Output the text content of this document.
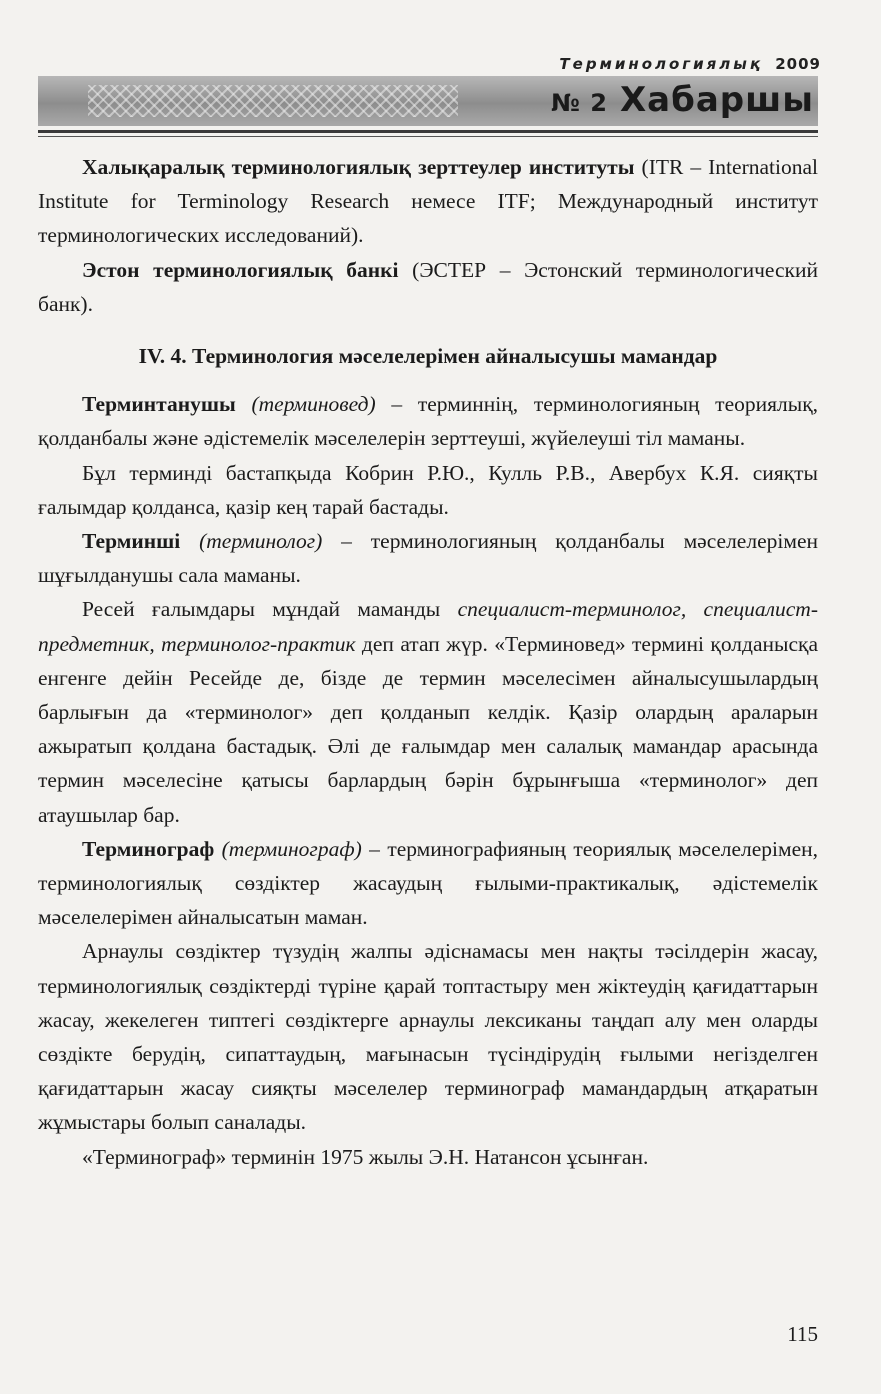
Терминологиялық 2009
№ 2 Хабаршы

Халықаралық терминологиялық зерттеулер институты (ITR – International Institute for Terminology Research немесе ITF; Международный институт терминологических исследований).

Эстон терминологиялық банкі (ЭСТЕР – Эстонский терминологический банк).

IV. 4. Терминология мәселелерімен айналысушы мамандар

Терминтанушы (терминовед) – терминнің, терминологияның теориялық, қолданбалы және әдістемелік мәселелерін зерттеуші, жүйелеуші тіл маманы.

Бұл терминді бастапқыда Кобрин Р.Ю., Кулль Р.В., Авербух К.Я. сияқты ғалымдар қолданса, қазір кең тарай бастады.

Терминші (терминолог) – терминологияның қолданбалы мәселелерімен шұғылданушы сала маманы.

Ресей ғалымдары мұндай маманды специалист-терминолог, специалист-предметник, терминолог-практик деп атап жүр. «Терминовед» термині қолданысқа енгенге дейін Ресейде де, бізде де термин мәселесімен айналысушылардың барлығын да «терминолог» деп қолданып келдік. Қазір олардың араларын ажыратып қолдана бастадық. Әлі де ғалымдар мен салалық мамандар арасында термин мәселесіне қатысы барлардың бәрін бұрынғыша «терминолог» деп атаушылар бар.

Терминограф (терминограф) – терминографияның теориялық мәселелерімен, терминологиялық сөздіктер жасаудың ғылыми-практикалық, әдістемелік мәселелерімен айналысатын маман.

Арнаулы сөздіктер түзудің жалпы әдіснамасы мен нақты тәсілдерін жасау, терминологиялық сөздіктерді түріне қарай топтастыру мен жіктеудің қағидаттарын жасау, жекелеген типтегі сөздіктерге арнаулы лексиканы таңдап алу мен оларды сөздікте берудің, сипаттаудың, мағынасын түсіндірудің ғылыми негізделген қағидаттарын жасау сияқты мәселелер терминограф мамандардың атқаратын жұмыстары болып саналады.

«Терминограф» терминін 1975 жылы Э.Н. Натансон ұсынған.

115
